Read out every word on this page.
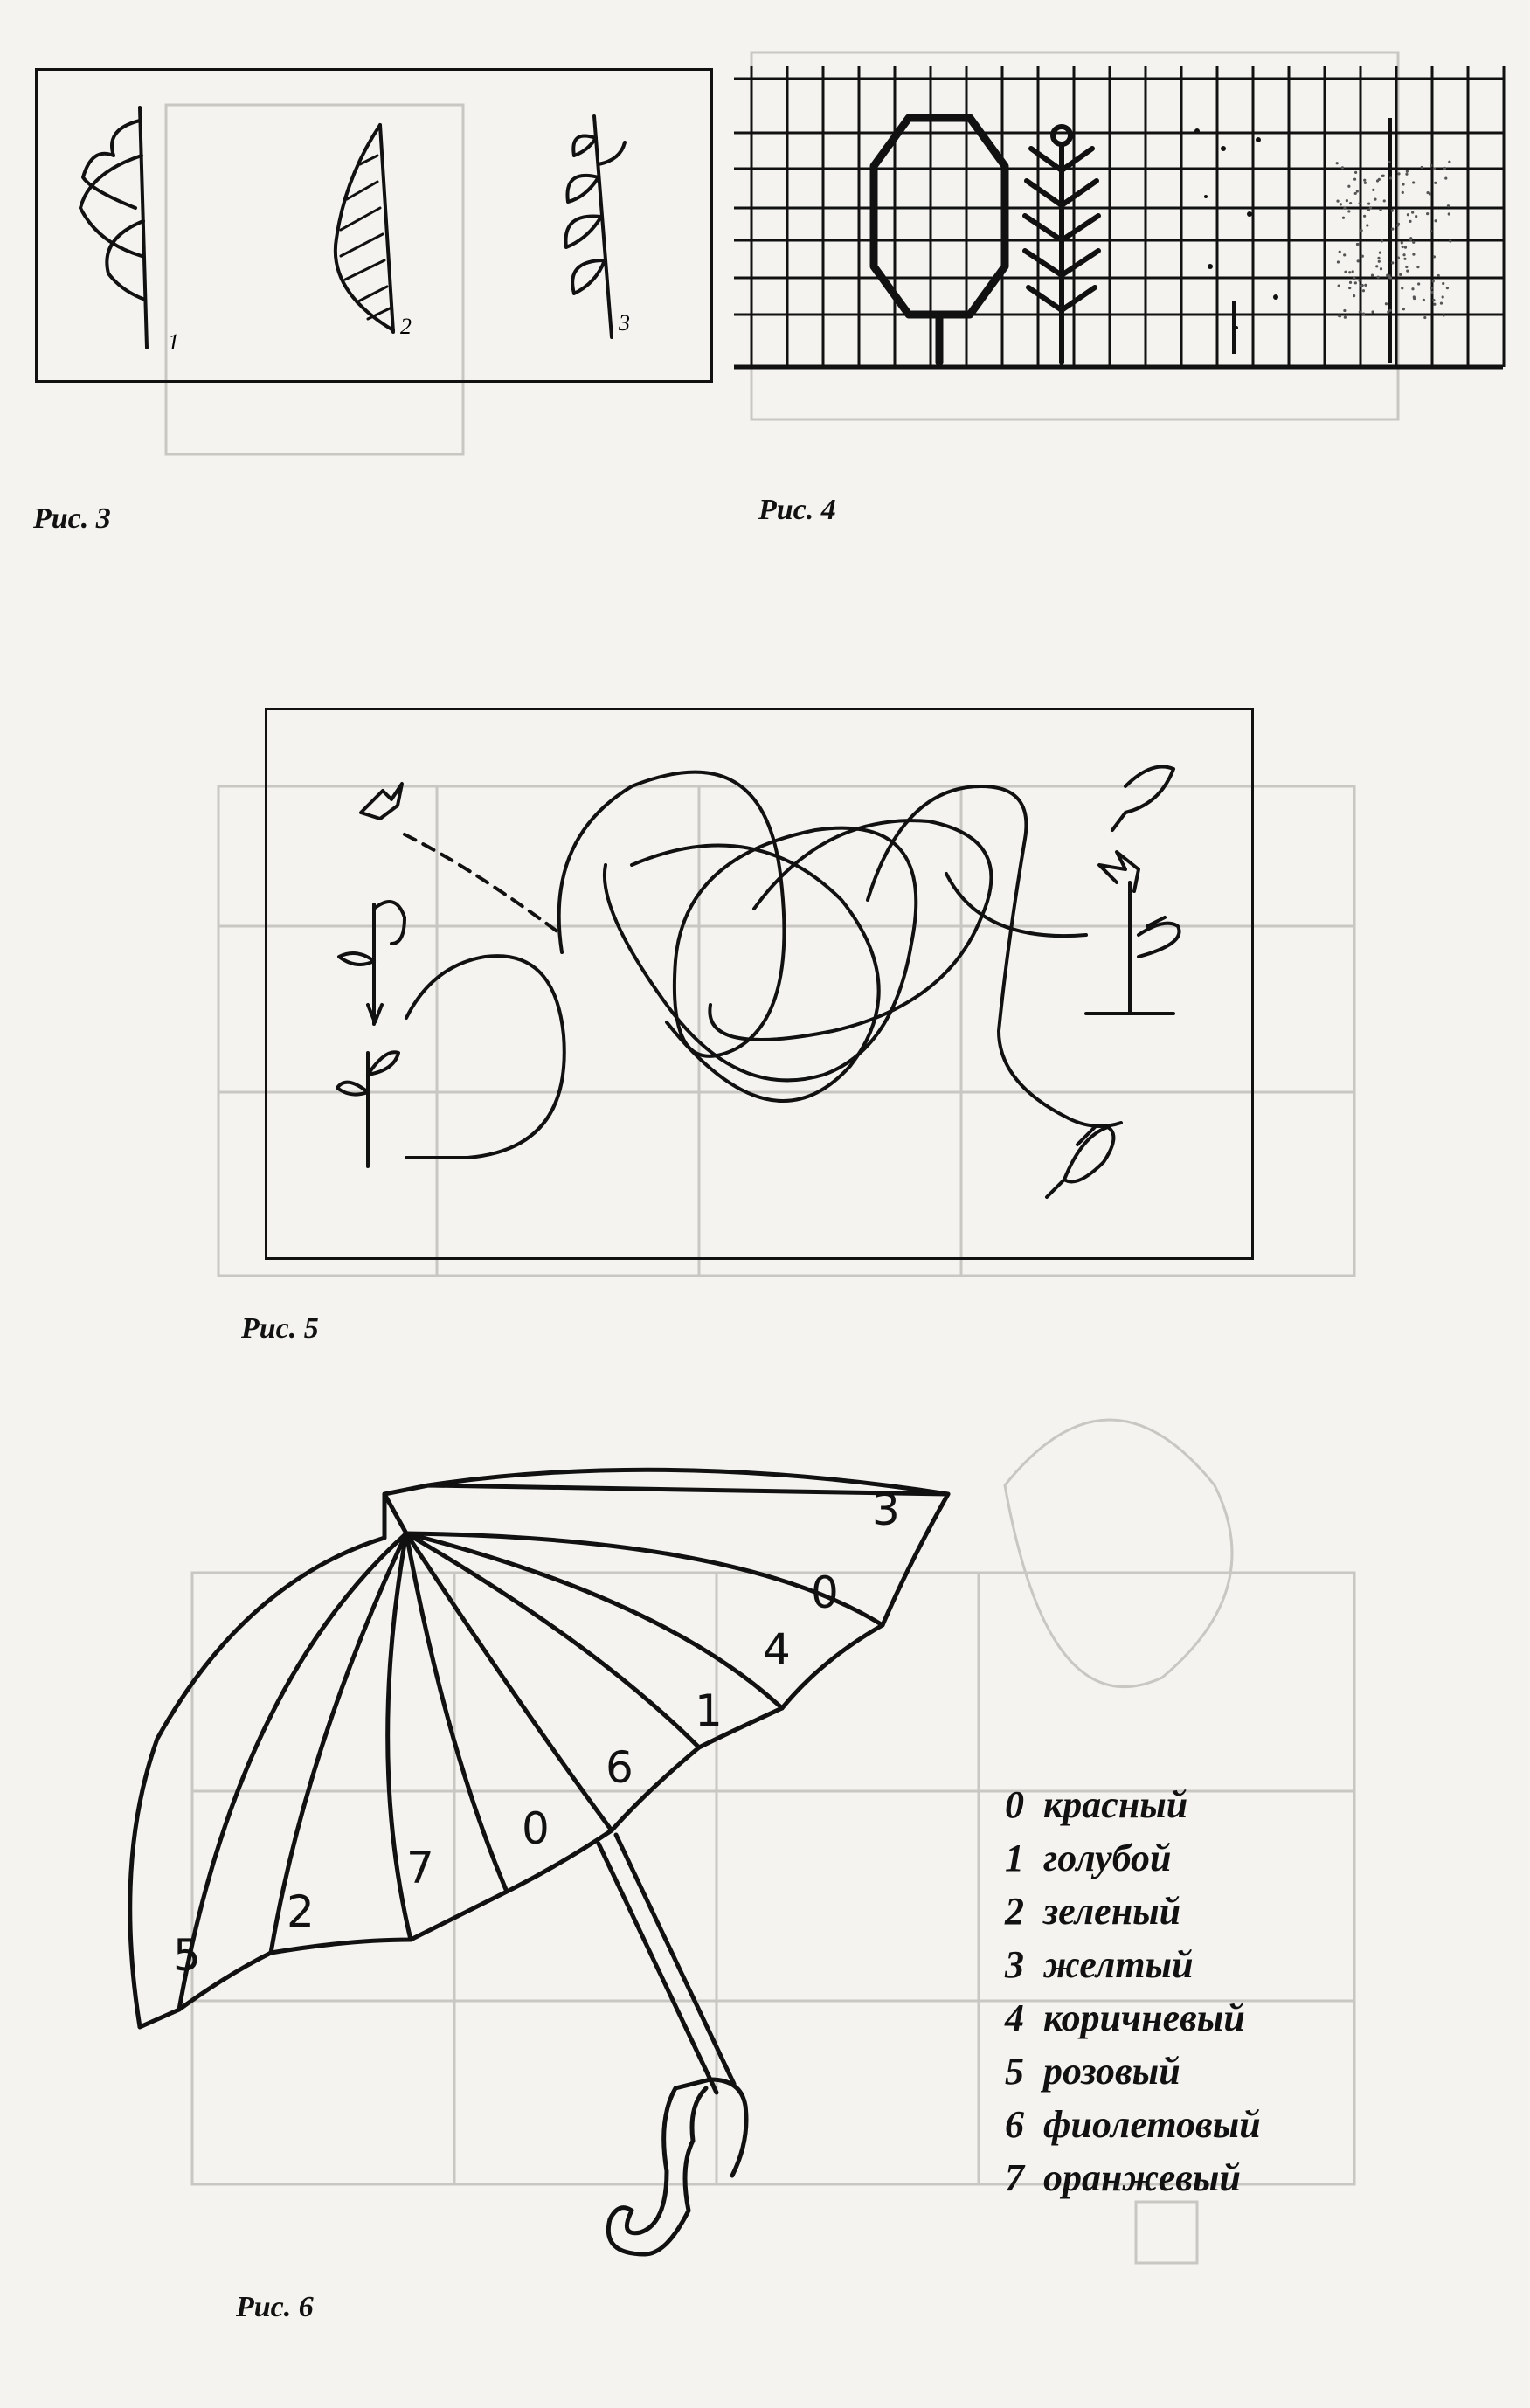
1
2	3
Рис. 3	Рис. 4
Рис. 5
5
2
7
0
6
1
4
0
3
0 красный
1 голубой
2 зеленый
3 желтый
4 коричневый
5 розовый
6 фиолетовый
7 оранжевый
Рис. 6
